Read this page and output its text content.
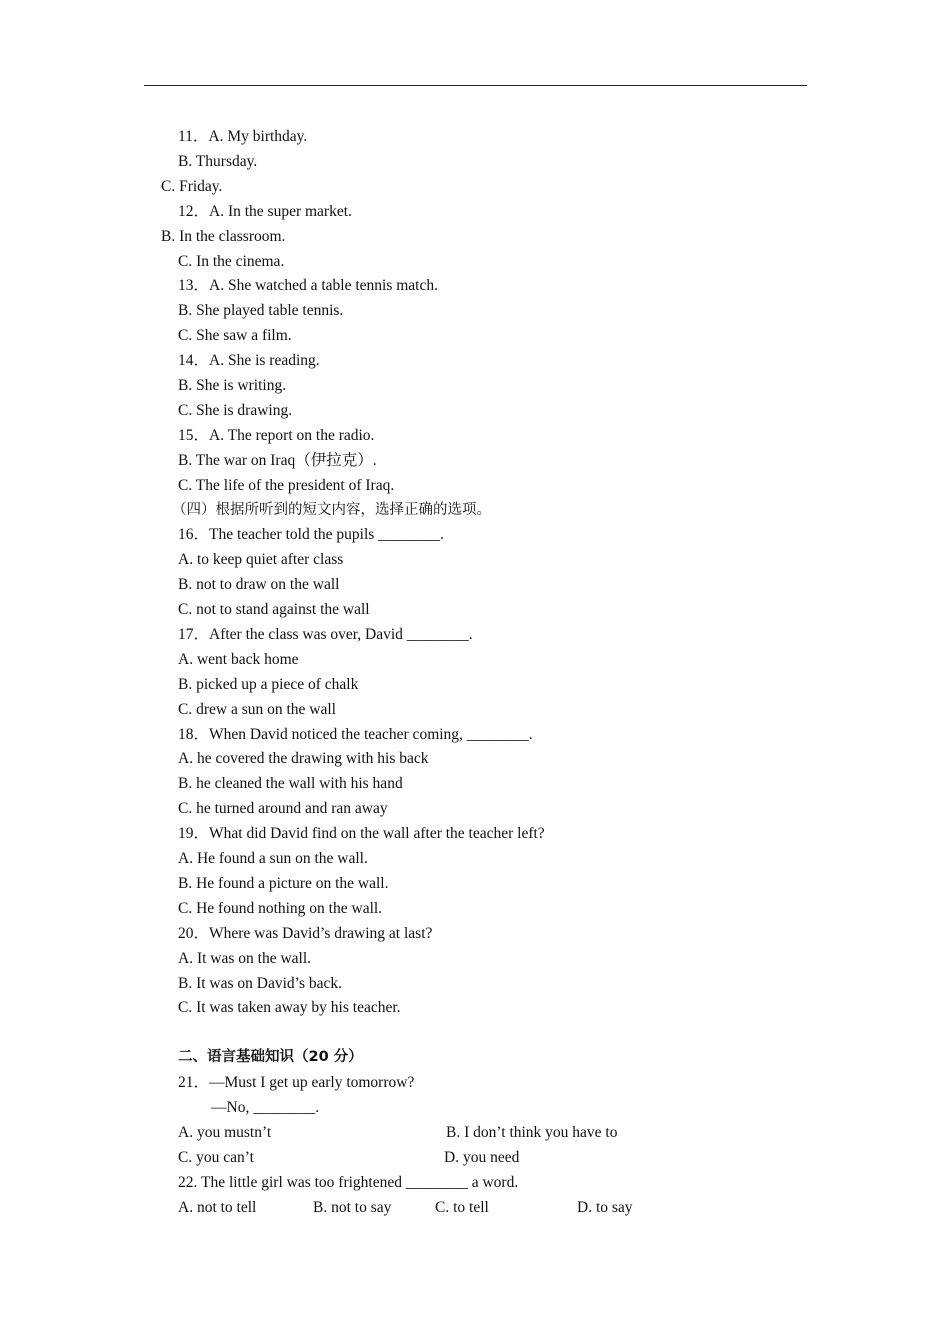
11．A. My birthday.
B. Thursday.
C. Friday.
12．A. In the super market.
B. In the classroom.
C. In the cinema.
13．A. She watched a table tennis match.
B. She played table tennis.
C. She saw a film.
14．A. She is reading.
B. She is writing.
C. She is drawing.
15．A. The report on the radio.
B. The war on Iraq（伊拉克）.
C. The life of the president of Iraq.
（四）根据所听到的短文内容，选择正确的选项。
16．The teacher told the pupils ________.
A. to keep quiet after class
B. not to draw on the wall
C. not to stand against the wall
17．After the class was over, David ________.
A. went back home
B. picked up a piece of chalk
C. drew a sun on the wall
18．When David noticed the teacher coming, ________.
A. he covered the drawing with his back
B. he cleaned the wall with his hand
C. he turned around and ran away
19．What did David find on the wall after the teacher left?
A. He found a sun on the wall.
B. He found a picture on the wall.
C. He found nothing on the wall.
20．Where was David’s drawing at last?
A. It was on the wall.
B. It was on David’s back.
C. It was taken away by his teacher.
二、语言基础知识（20 分）
21．—Must I get up early tomorrow?
—No, ________.
A. you mustn’t	B. I don’t think you have to
C. you can’t	D. you need
22. The little girl was too frightened ________ a word.
A. not to tell	B. not to say	C. to tell	D. to say
